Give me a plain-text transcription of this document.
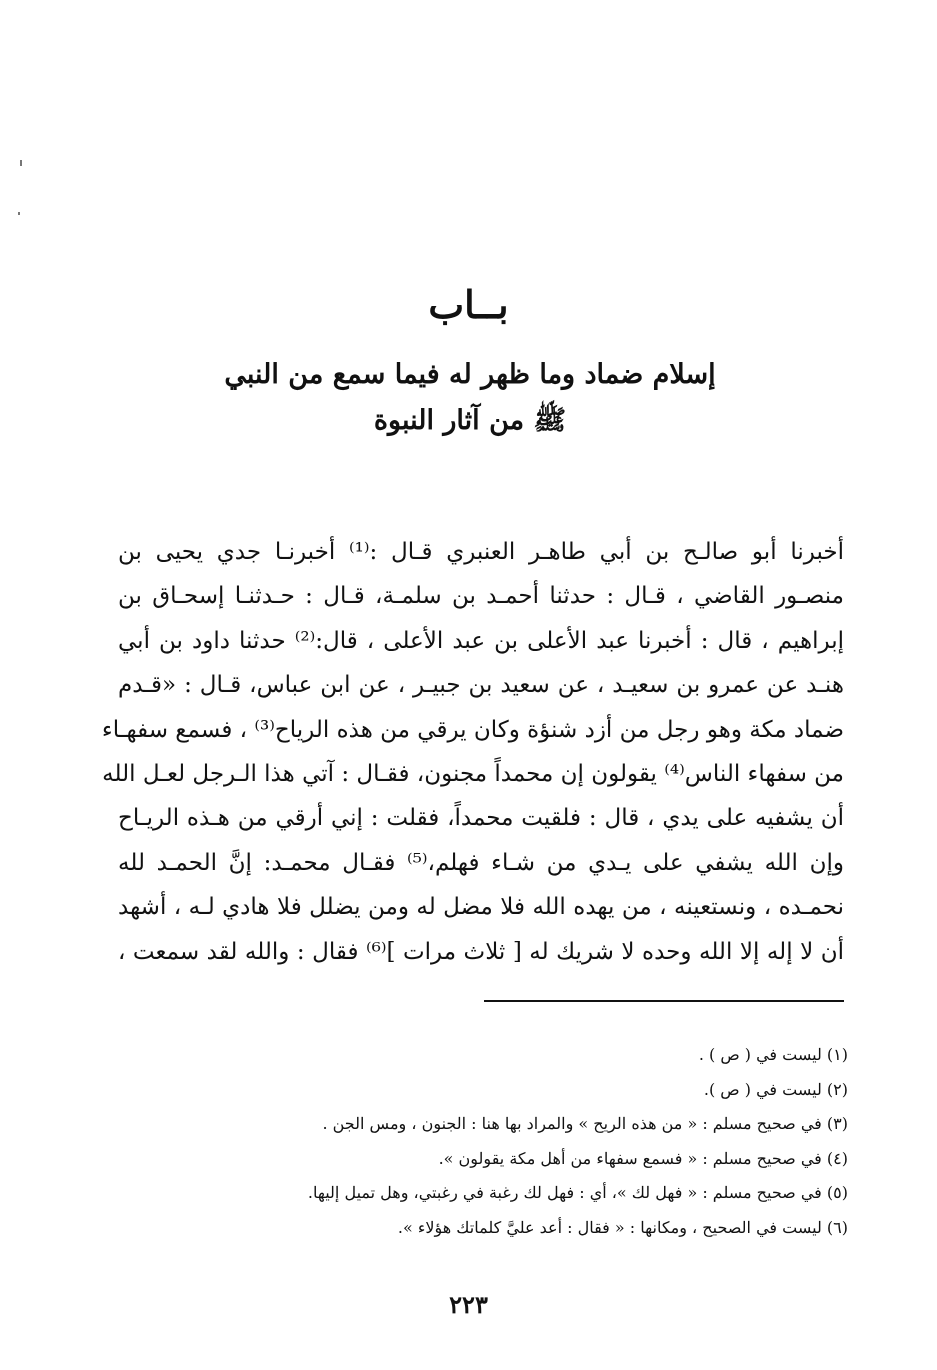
بــاب
إسلام ضماد وما ظهر له فيما سمع من النبي
ﷺ من آثار النبوة
أخبرنا أبو صالـح بن أبي طاهـر العنبري قـال :⁽¹⁾ أخبرنـا جدي يحيى بن
منصـور القاضي ، قـال : حدثنا أحمـد بن سلمـة، قـال : حـدثنـا إسحـاق بن
إبراهيم ، قال : أخبرنا عبد الأعلى بن عبد الأعلى ، قال:⁽²⁾ حدثنا داود بن أبي
هنـد عن عمرو بن سعيـد ، عن سعيد بن جبيـر ، عن ابن عباس، قـال : «قـدم
ضماد مكة وهو رجل من أزد شنؤة وكان يرقي من هذه الرياح⁽³⁾ ، فسمع سفهـاء
من سفهاء الناس⁽⁴⁾ يقولون إن محمداً مجنون، فقـال : آتي هذا الـرجل لعـل الله
أن يشفيه على يدي ، قال : فلقيت محمداً، فقلت : إني أرقي من هـذه الريـاح
وإن الله يشفي على يـدي من شـاء فهلم،⁽⁵⁾ فقـال محمـد: إنَّ الحمـد لله
نحمـده ، ونستعينه ، من يهده الله فلا مضل له ومن يضلل فلا هادي لـه ، أشهد
أن لا إله إلا الله وحده لا شريك له [ ثلاث مرات ]⁽⁶⁾ فقال : والله لقد سمعت ،
(١) ليست في ( ص ) .
(٢) ليست في ( ص ).
(٣) في صحيح مسلم : « من هذه الريح » والمراد بها هنا : الجنون ، ومس الجن .
(٤) في صحيح مسلم : « فسمع سفهاء من أهل مكة يقولون ».
(٥) في صحيح مسلم : « فهل لك »، أي : فهل لك رغبة في رغبتي، وهل تميل إليها.
(٦) ليست في الصحيح ، ومكانها : « فقال : أعد عليَّ كلماتك هؤلاء ».
٢٢٣
